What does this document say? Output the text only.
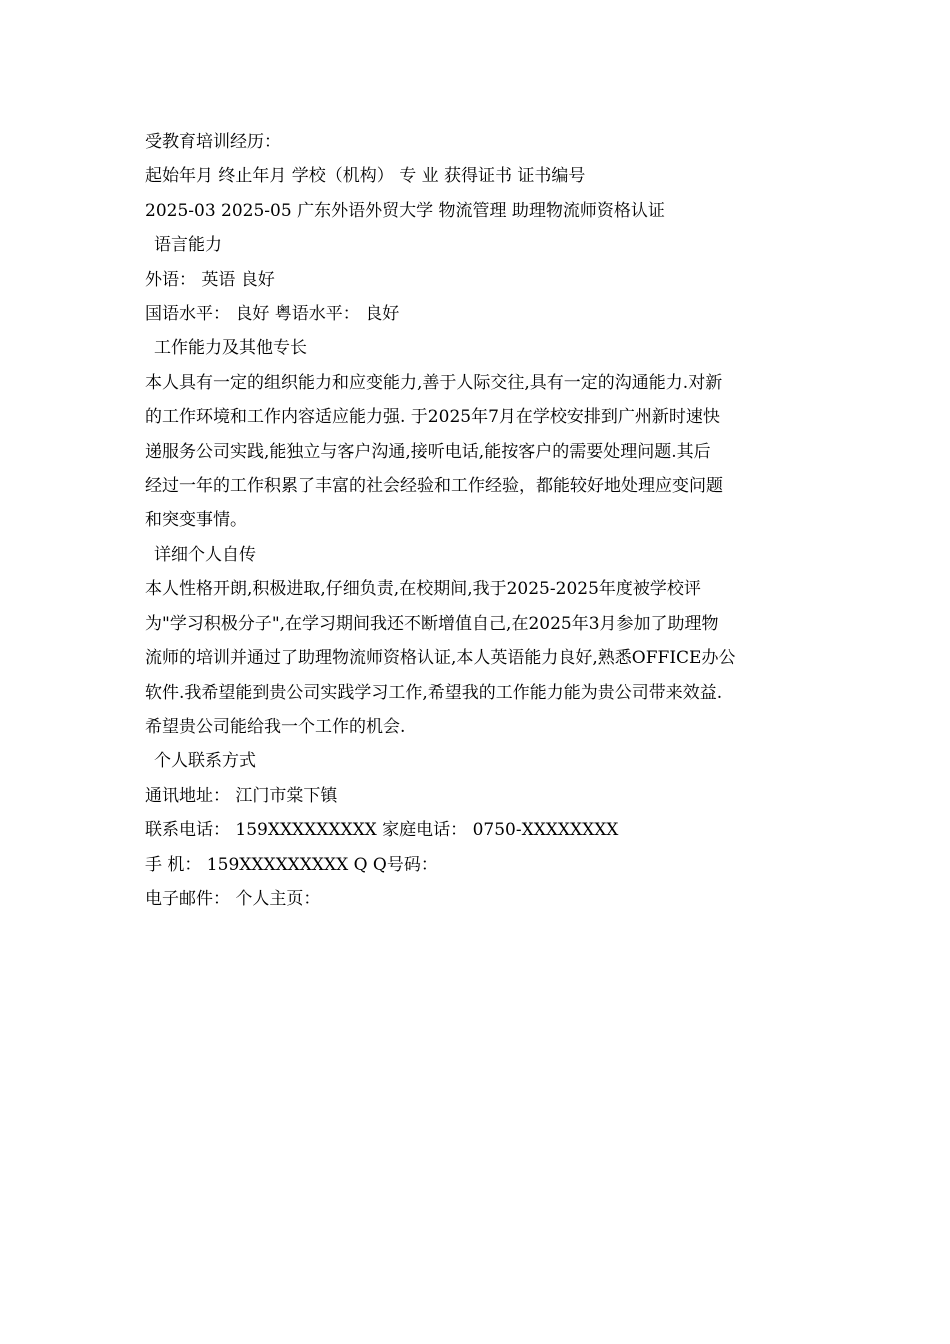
受教育培训经历：

起始年月 终止年月 学校（机构） 专 业 获得证书 证书编号

2025-03 2025-05 广东外语外贸大学 物流管理 助理物流师资格认证

语言能力

外语： 英语 良好

国语水平： 良好 粤语水平： 良好

工作能力及其他专长

本人具有一定的组织能力和应变能力,善于人际交往,具有一定的沟通能力.对新

的工作环境和工作内容适应能力强. 于2025年7月在学校安排到广州新时速快

递服务公司实践,能独立与客户沟通,接听电话,能按客户的需要处理问题.其后

经过一年的工作积累了丰富的社会经验和工作经验，都能较好地处理应变问题

和突变事情。

详细个人自传

本人性格开朗,积极进取,仔细负责,在校期间,我于2025-2025年度被学校评

为"学习积极分子",在学习期间我还不断增值自己,在2025年3月参加了助理物

流师的培训并通过了助理物流师资格认证,本人英语能力良好,熟悉OFFICE办公

软件.我希望能到贵公司实践学习工作,希望我的工作能力能为贵公司带来效益.

希望贵公司能给我一个工作的机会.

个人联系方式

通讯地址： 江门市棠下镇

联系电话： 159XXXXXXXXX 家庭电话： 0750-XXXXXXXX

手 机： 159XXXXXXXXX Q Q号码：

电子邮件： 个人主页：
